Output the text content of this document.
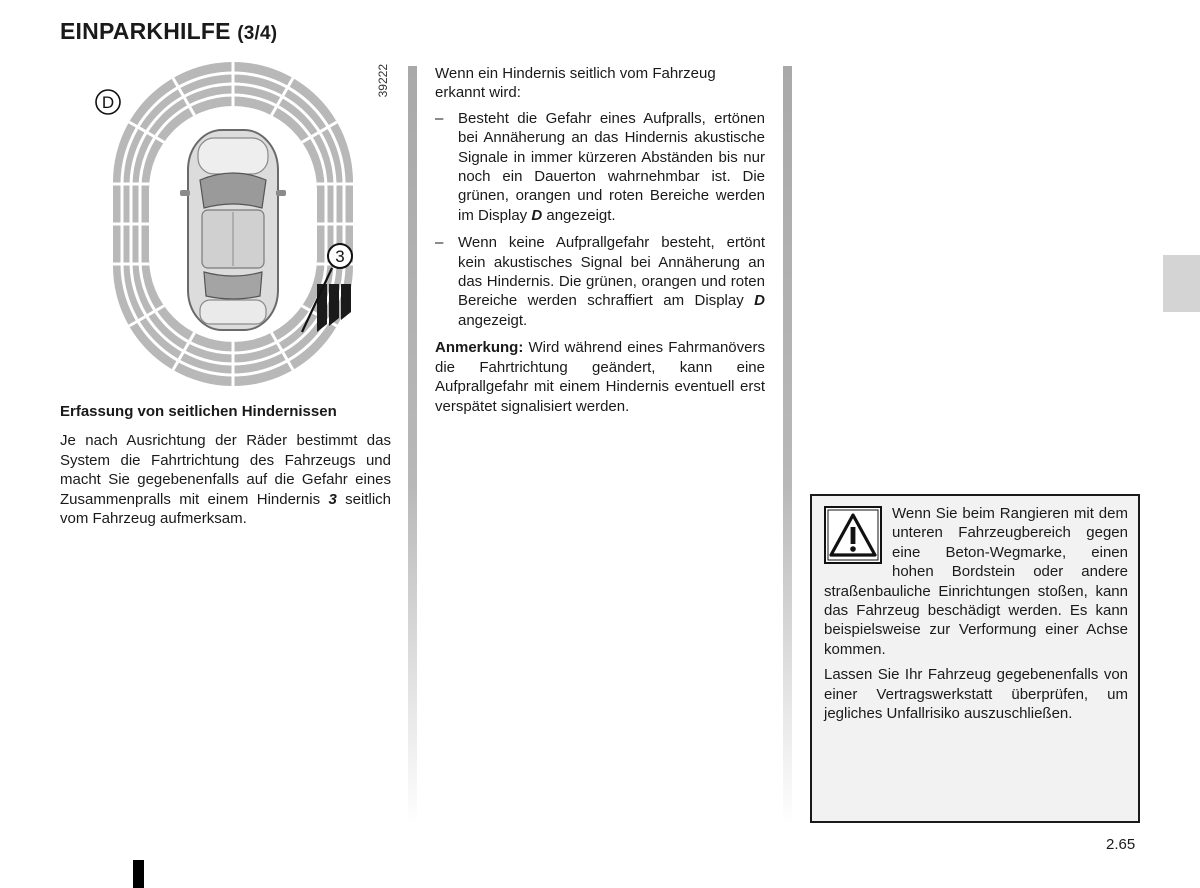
EINPARKHILFE (3/4)
3
D
39222
Erfassung von seitlichen Hindernissen

Je nach Ausrichtung der Räder bestimmt das System die Fahrtrichtung des Fahrzeugs und macht Sie gegebenenfalls auf die Gefahr eines Zusammenpralls mit einem Hindernis 3 seitlich vom Fahrzeug aufmerksam.

Wenn ein Hindernis seitlich vom Fahrzeug erkannt wird:

– Besteht die Gefahr eines Aufpralls, ertönen bei Annäherung an das Hindernis akustische Signale in immer kürzeren Abständen bis nur noch ein Dauerton wahrnehmbar ist. Die grünen, orangen und roten Bereiche werden im Display D angezeigt.
– Wenn keine Aufprallgefahr besteht, ertönt kein akustisches Signal bei Annäherung an das Hindernis. Die grünen, orangen und roten Bereiche werden schraffiert am Display D angezeigt.

Anmerkung: Wird während eines Fahrmanövers die Fahrtrichtung geändert, kann eine Aufprallgefahr mit einem Hindernis eventuell erst verspätet signalisiert werden.

Wenn Sie beim Rangieren mit dem unteren Fahrzeugbereich gegen eine Beton-Wegmarke, einen hohen Bordstein oder andere straßenbauliche Einrichtungen stoßen, kann das Fahrzeug beschädigt werden. Es kann beispielsweise zur Verformung einer Achse kommen.

Lassen Sie Ihr Fahrzeug gegebenenfalls von einer Vertragswerkstatt überprüfen, um jegliches Unfallrisiko auszuschließen.

2.65
